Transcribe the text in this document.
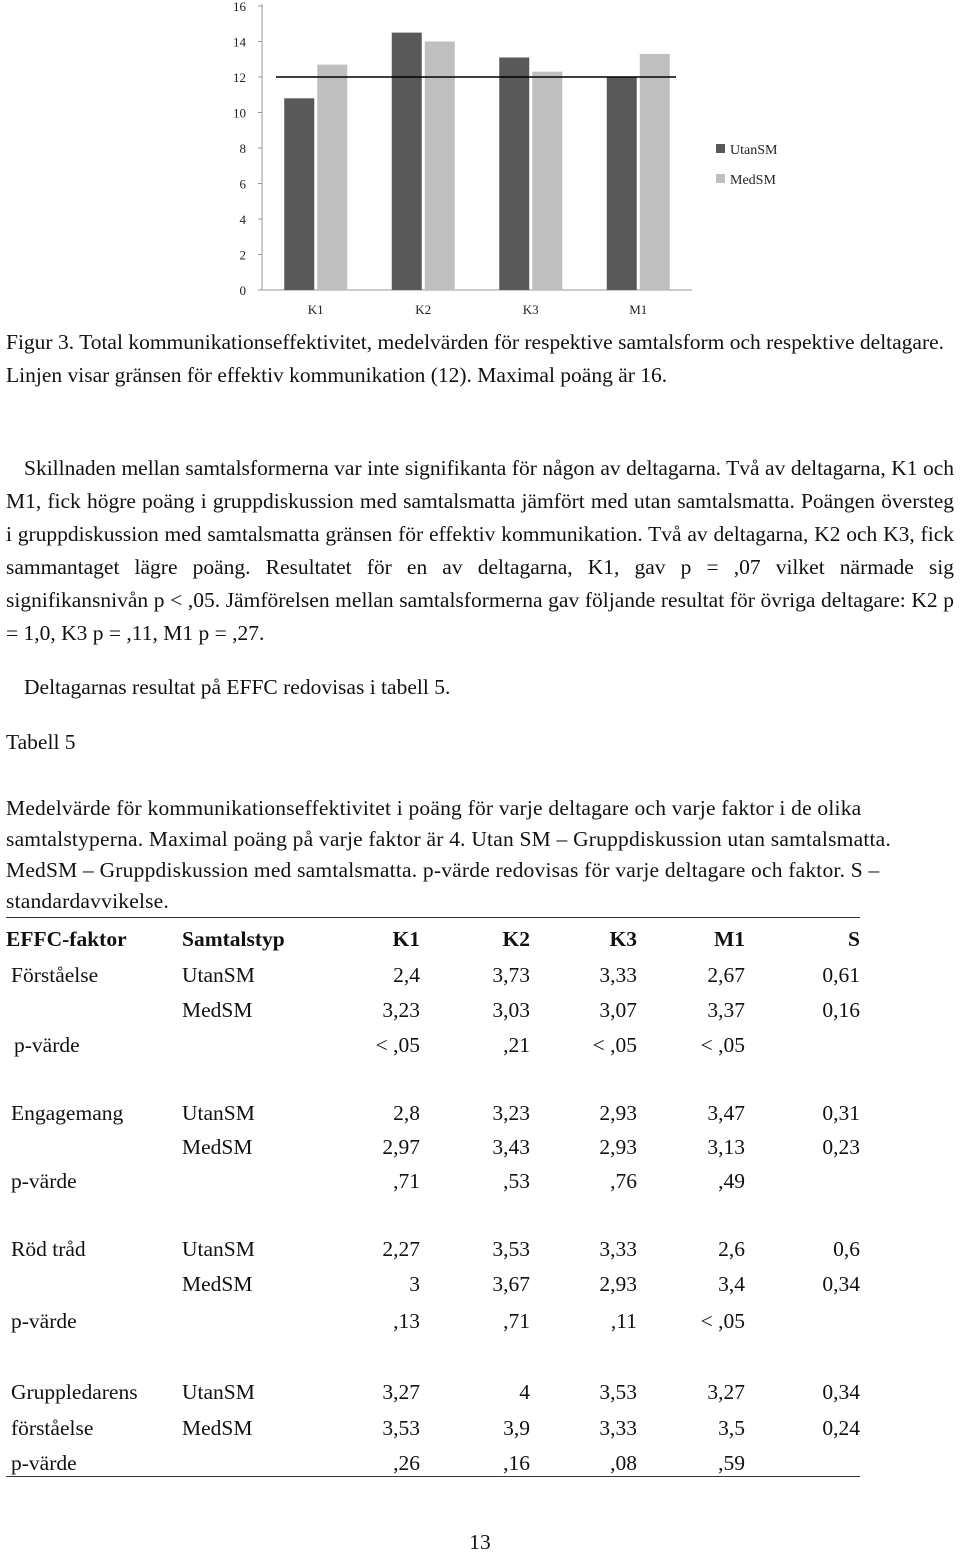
0
2
4
6
8
10
12
14
16
K1	K2	K3	M1
UtanSM
MedSM

Figur 3. Total kommunikationseffektivitet, medelvärden för respektive samtalsform och respektive deltagare. Linjen visar gränsen för effektiv kommunikation (12). Maximal poäng är 16.

Skillnaden mellan samtalsformerna var inte signifikanta för någon av deltagarna. Två av deltagarna, K1 och M1, fick högre poäng i gruppdiskussion med samtalsmatta jämfört med utan samtalsmatta. Poängen översteg i gruppdiskussion med samtalsmatta gränsen för effektiv kommunikation. Två av deltagarna, K2 och K3, fick sammantaget lägre poäng. Resultatet för en av deltagarna, K1, gav p = ,07 vilket närmade sig signifikansnivån p < ,05. Jämförelsen mellan samtalsformerna gav följande resultat för övriga deltagare: K2 p = 1,0, K3 p = ,11, M1 p = ,27.

Deltagarnas resultat på EFFC redovisas i tabell 5.

Tabell 5

Medelvärde för kommunikationseffektivitet i poäng för varje deltagare och varje faktor i de olika samtalstyperna. Maximal poäng på varje faktor är 4. Utan SM – Gruppdiskussion utan samtalsmatta. MedSM – Gruppdiskussion med samtalsmatta. p-värde redovisas för varje deltagare och faktor. S – standardavvikelse.

EFFC-faktor	Samtalstyp	K1	K2	K3	M1	S
Förståelse	UtanSM	2,4	3,73	3,33	2,67	0,61
	MedSM	3,23	3,03	3,07	3,37	0,16
p-värde		< ,05	,21	< ,05	< ,05	

Engagemang	UtanSM	2,8	3,23	2,93	3,47	0,31
	MedSM	2,97	3,43	2,93	3,13	0,23
p-värde		,71	,53	,76	,49	

Röd tråd	UtanSM	2,27	3,53	3,33	2,6	0,6
	MedSM	3	3,67	2,93	3,4	0,34
p-värde		,13	,71	,11	< ,05	

Gruppledarens	UtanSM	3,27	4	3,53	3,27	0,34
förståelse	MedSM	3,53	3,9	3,33	3,5	0,24
p-värde		,26	,16	,08	,59	

13
